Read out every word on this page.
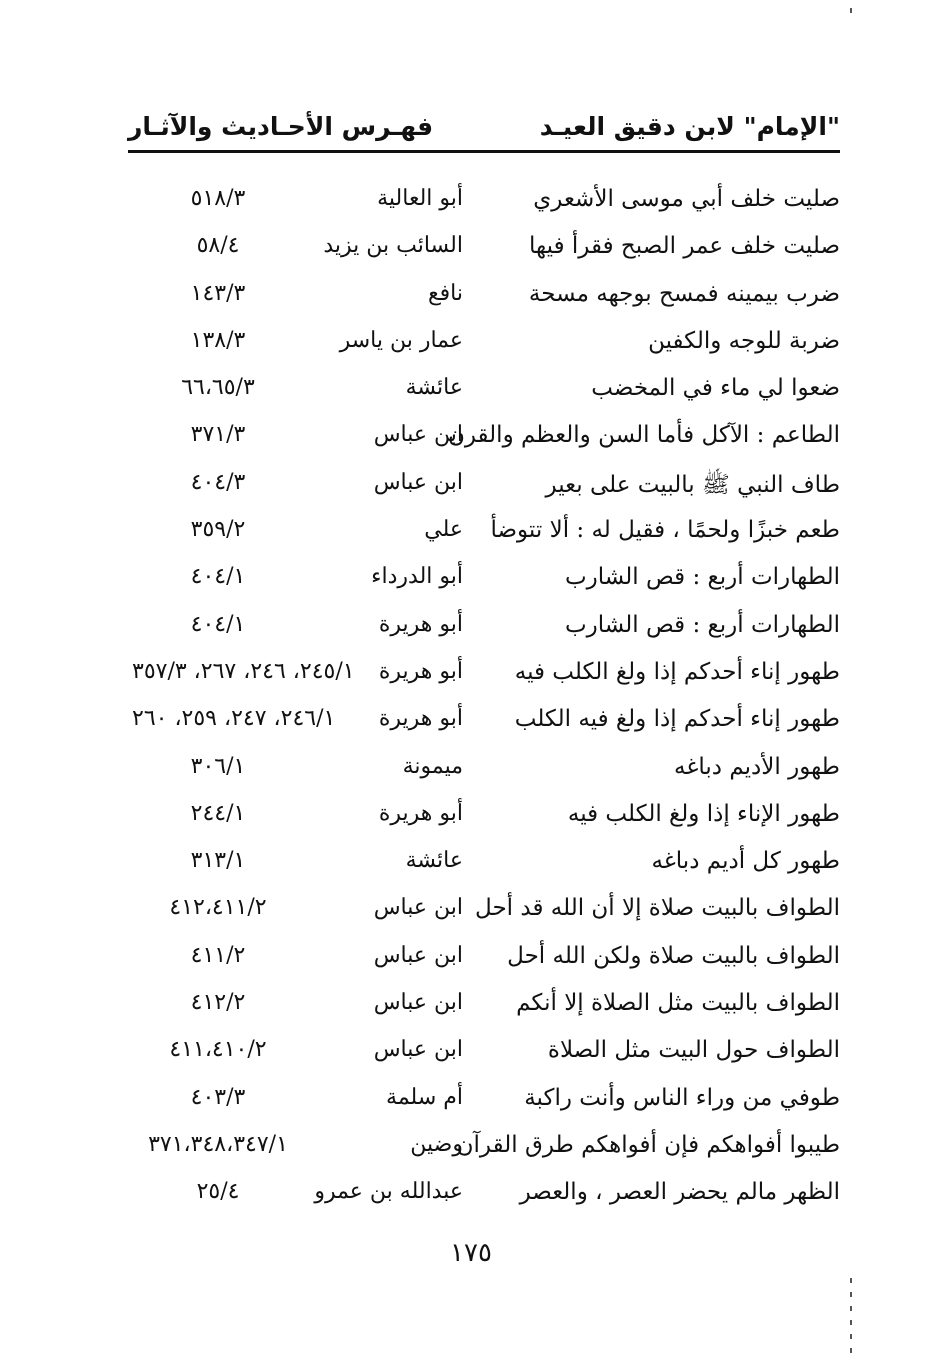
"الإمام" لابن دقيق العيـد
فهـرس الأحـاديث والآثـار
صليت خلف أبي موسى الأشعري
أبو العالية
٥١٨/٣
صليت خلف عمر الصبح فقرأ فيها
السائب بن يزيد
٥٨/٤
ضرب بيمينه فمسح بوجهه مسحة
نافع
١٤٣/٣
ضربة للوجه والكفين
عمار بن ياسر
١٣٨/٣
ضعوا لي ماء في المخضب
عائشة
٦٦،٦٥/٣
الطاعم : الآكل فأما السن والعظم والقرن
ابن عباس
٣٧١/٣
طاف النبي ﷺ بالبيت على بعير
ابن عباس
٤٠٤/٣
طعم خبزًا ولحمًا ، فقيل له : ألا تتوضأ
علي
٣٥٩/٢
الطهارات أربع : قص الشارب
أبو الدرداء
٤٠٤/١
الطهارات أربع : قص الشارب
أبو هريرة
٤٠٤/١
طهور إناء أحدكم إذا ولغ الكلب فيه
أبو هريرة
٢٤٥/١، ٢٤٦، ٢٦٧، ٣٥٧/٣
طهور إناء أحدكم إذا ولغ فيه الكلب
أبو هريرة
٢٤٦/١، ٢٤٧، ٢٥٩، ٢٦٠
طهور الأديم دباغه
ميمونة
٣٠٦/١
طهور الإناء إذا ولغ الكلب فيه
أبو هريرة
٢٤٤/١
طهور كل أديم دباغه
عائشة
٣١٣/١
الطواف بالبيت صلاة إلا أن الله قد أحل
ابن عباس
٤١٢،٤١١/٢
الطواف بالبيت صلاة ولكن الله أحل
ابن عباس
٤١١/٢
الطواف بالبيت مثل الصلاة إلا أنكم
ابن عباس
٤١٢/٢
الطواف حول البيت مثل الصلاة
ابن عباس
٤١١،٤١٠/٢
طوفي من وراء الناس وأنت راكبة
أم سلمة
٤٠٣/٣
طيبوا أفواهكم فإن أفواهكم طرق القرآن
وضين
٣٧١،٣٤٨،٣٤٧/١
الظهر مالم يحضر العصر ، والعصر
عبدالله بن عمرو
٢٥/٤
١٧٥
